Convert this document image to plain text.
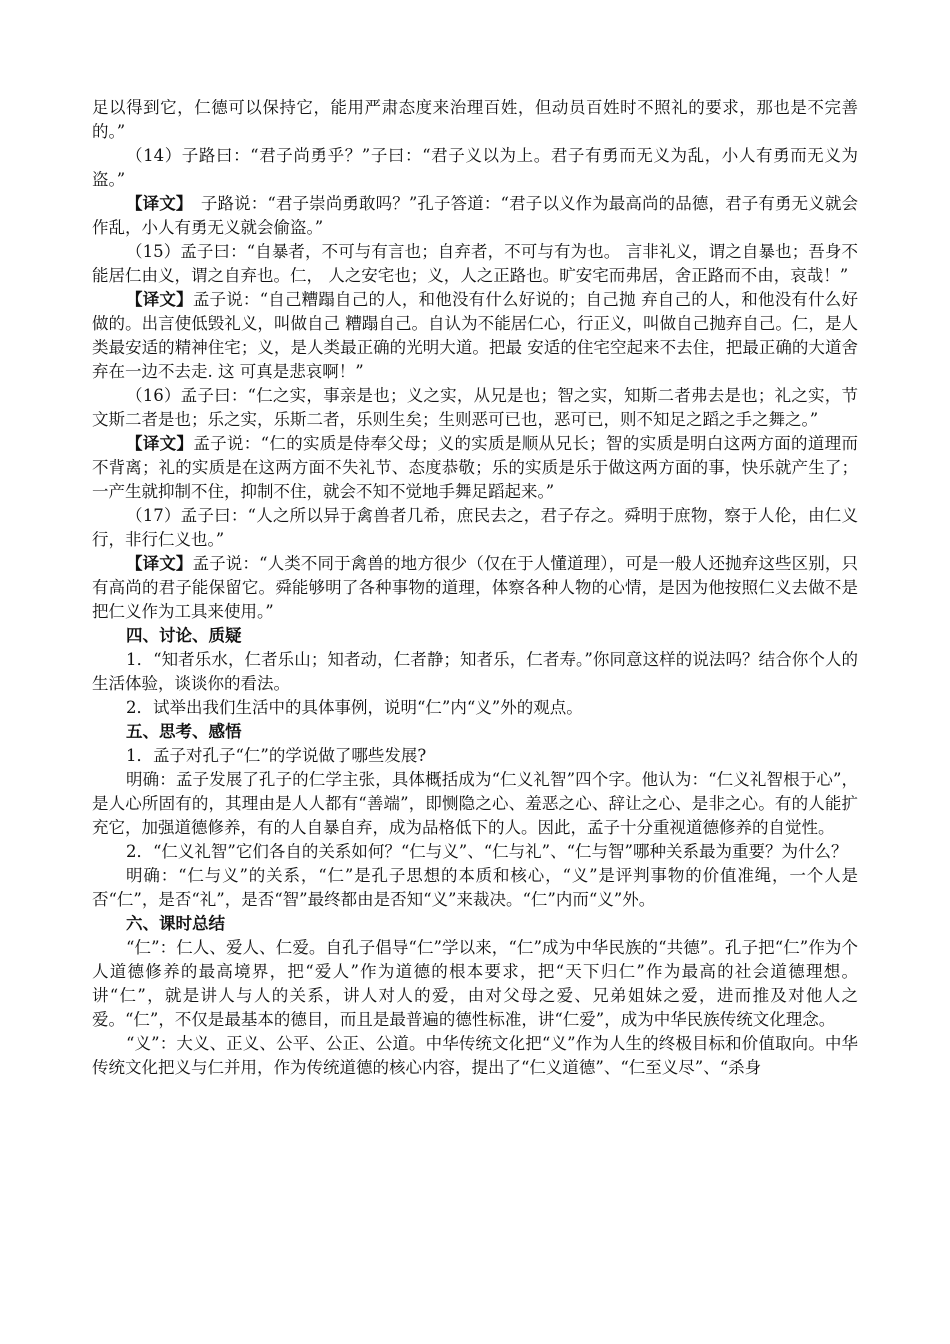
足以得到它，仁德可以保持它，能用严肃态度来治理百姓，但动员百姓时不照礼的要求，那也是不完善的。”

（14）子路曰：“君子尚勇乎？”子曰：“君子义以为上。君子有勇而无义为乱，小人有勇而无义为盗。”

【译文】　子路说：“君子崇尚勇敢吗？”孔子答道：“君子以义作为最高尚的品德，君子有勇无义就会作乱，小人有勇无义就会偷盗。”

（15）孟子曰：“自暴者，不可与有言也；自弃者，不可与有为也。 言非礼义，谓之自暴也；吾身不能居仁由义，谓之自弃也。仁， 人之安宅也；义，人之正路也。旷安宅而弗居，舍正路而不由，哀哉！”

【译文】孟子说：“自己糟蹋自己的人，和他没有什么好说的；自己抛 弃自己的人，和他没有什么好做的。出言使低毁礼义，叫做自己 糟蹋自己。自认为不能居仁心，行正义，叫做自己抛弃自己。仁，是人类最安适的精神住宅；义，是人类最正确的光明大道。把最 安适的住宅空起来不去住，把最正确的大道舍弃在一边不去走. 这 可真是悲哀啊！”

（16）孟子曰：“仁之实，事亲是也；义之实，从兄是也；智之实，知斯二者弗去是也；礼之实，节文斯二者是也；乐之实，乐斯二者，乐则生矣；生则恶可已也，恶可已，则不知足之蹈之手之舞之。”

【译文】孟子说：“仁的实质是侍奉父母；义的实质是顺从兄长；智的实质是明白这两方面的道理而不背离；礼的实质是在这两方面不失礼节、态度恭敬；乐的实质是乐于做这两方面的事，快乐就产生了；一产生就抑制不住，抑制不住，就会不知不觉地手舞足蹈起来。”

（17）孟子曰：“人之所以异于禽兽者几希，庶民去之，君子存之。舜明于庶物，察于人伦，由仁义行，非行仁义也。”

【译文】孟子说：“人类不同于禽兽的地方很少（仅在于人懂道理），可是一般人还抛弃这些区别，只有高尚的君子能保留它。舜能够明了各种事物的道理，体察各种人物的心情，是因为他按照仁义去做不是把仁义作为工具来使用。”

四、讨论、质疑

1．“知者乐水，仁者乐山；知者动，仁者静；知者乐，仁者寿。”你同意这样的说法吗？结合你个人的生活体验，谈谈你的看法。

2．试举出我们生活中的具体事例，说明“仁”内“义”外的观点。

五、思考、感悟

1．孟子对孔子“仁”的学说做了哪些发展?

明确：孟子发展了孔子的仁学主张，具体概括成为“仁义礼智”四个字。他认为：“仁义礼智根于心”，是人心所固有的，其理由是人人都有“善端”，即恻隐之心、羞恶之心、辞让之心、是非之心。有的人能扩充它，加强道德修养，有的人自暴自弃，成为品格低下的人。因此，孟子十分重视道德修养的自觉性。

2．“仁义礼智”它们各自的关系如何？“仁与义”、“仁与礼”、“仁与智”哪种关系最为重要？为什么？

明确：“仁与义”的关系，“仁”是孔子思想的本质和核心，“义”是评判事物的价值准绳，一个人是否“仁”，是否“礼”，是否“智”最终都由是否知“义”来裁决。“仁”内而“义”外。

六、课时总结

“仁”：仁人、爱人、仁爱。自孔子倡导“仁”学以来，“仁”成为中华民族的“共德”。孔子把“仁”作为个人道德修养的最高境界，把“爱人”作为道德的根本要求，把“天下归仁”作为最高的社会道德理想。讲“仁”，就是讲人与人的关系，讲人对人的爱，由对父母之爱、兄弟姐妹之爱，进而推及对他人之爱。“仁”，不仅是最基本的德目，而且是最普遍的德性标准，讲“仁爱”，成为中华民族传统文化理念。

“义”：大义、正义、公平、公正、公道。中华传统文化把“义”作为人生的终极目标和价值取向。中华传统文化把义与仁并用，作为传统道德的核心内容，提出了“仁义道德”、“仁至义尽”、“杀身
